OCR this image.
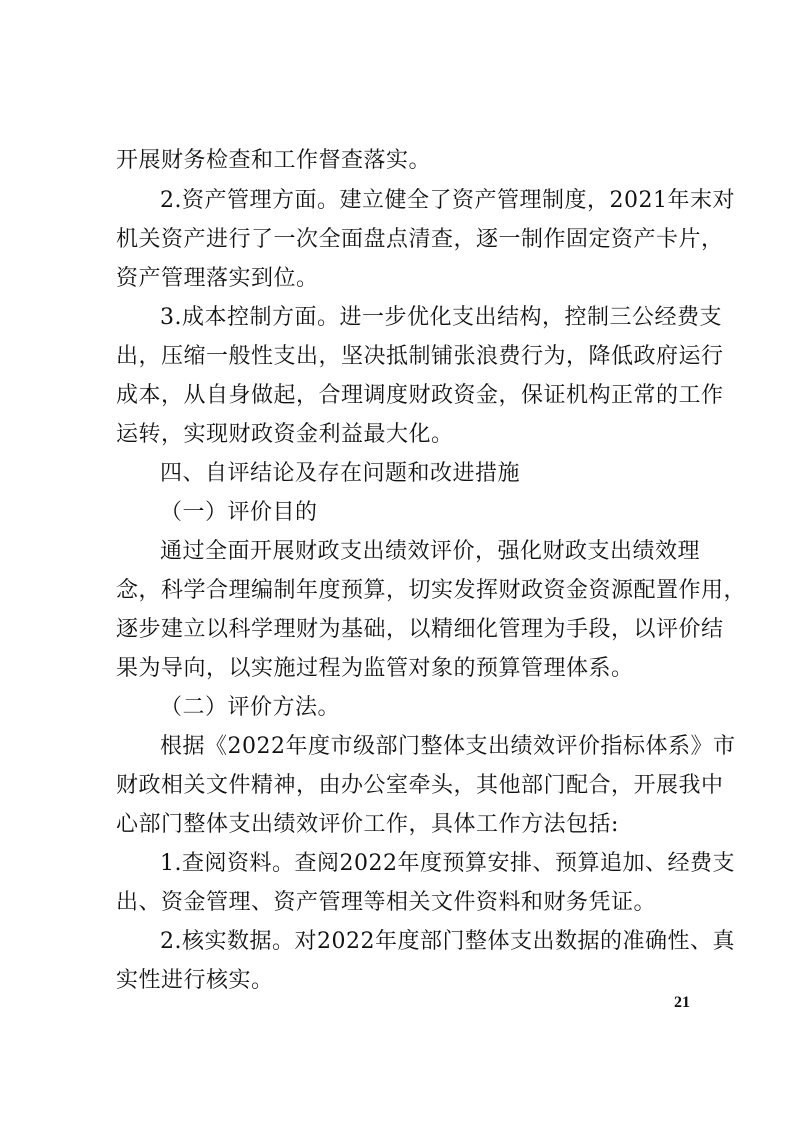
开展财务检查和工作督查落实。
2.资产管理方面。建立健全了资产管理制度，2021年末对
机关资产进行了一次全面盘点清查，逐一制作固定资产卡片，
资产管理落实到位。
3.成本控制方面。进一步优化支出结构，控制三公经费支
出，压缩一般性支出，坚决抵制铺张浪费行为，降低政府运行
成本，从自身做起，合理调度财政资金，保证机构正常的工作
运转，实现财政资金利益最大化。
四、自评结论及存在问题和改进措施
（一）评价目的
通过全面开展财政支出绩效评价，强化财政支出绩效理
念，科学合理编制年度预算，切实发挥财政资金资源配置作用，
逐步建立以科学理财为基础，以精细化管理为手段，以评价结
果为导向，以实施过程为监管对象的预算管理体系。
（二）评价方法。
根据《2022年度市级部门整体支出绩效评价指标体系》市
财政相关文件精神，由办公室牵头，其他部门配合，开展我中
心部门整体支出绩效评价工作，具体工作方法包括:
1.查阅资料。查阅2022年度预算安排、预算追加、经费支
出、资金管理、资产管理等相关文件资料和财务凭证。
2.核实数据。对2022年度部门整体支出数据的准确性、真
实性进行核实。
21
